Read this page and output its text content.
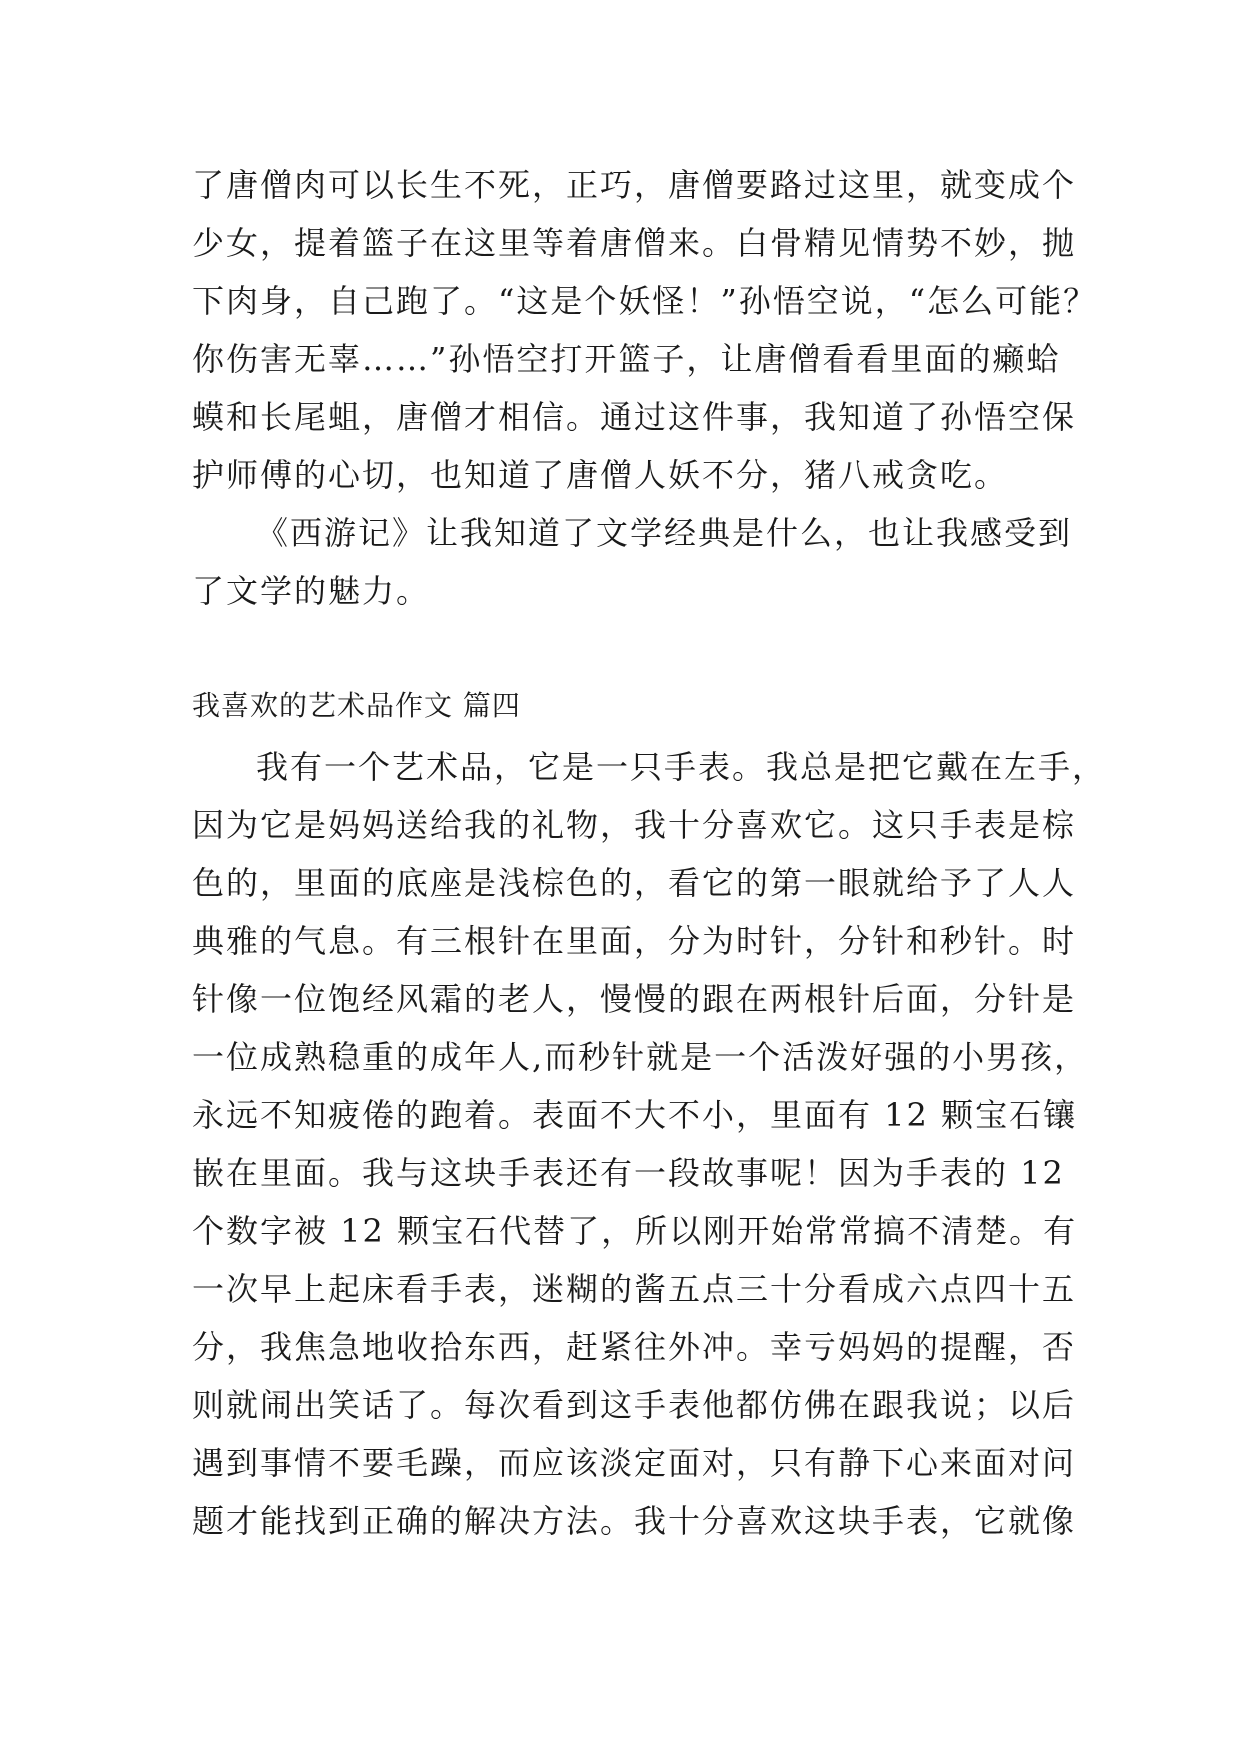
了唐僧肉可以长生不死，正巧，唐僧要路过这里，就变成个
少女，提着篮子在这里等着唐僧来。白骨精见情势不妙，抛
下肉身，自己跑了。“这是个妖怪！”孙悟空说，“怎么可能？
你伤害无辜……”孙悟空打开篮子，让唐僧看看里面的癞蛤
蟆和长尾蛆，唐僧才相信。通过这件事，我知道了孙悟空保
护师傅的心切，也知道了唐僧人妖不分，猪八戒贪吃。
《西游记》让我知道了文学经典是什么，也让我感受到
了文学的魅力。
我喜欢的艺术品作文 篇四
我有一个艺术品，它是一只手表。我总是把它戴在左手，
因为它是妈妈送给我的礼物，我十分喜欢它。这只手表是棕
色的，里面的底座是浅棕色的，看它的第一眼就给予了人人
典雅的气息。有三根针在里面，分为时针，分针和秒针。时
针像一位饱经风霜的老人，慢慢的跟在两根针后面，分针是
一位成熟稳重的成年人,而秒针就是一个活泼好强的小男孩，
永远不知疲倦的跑着。表面不大不小，里面有 12 颗宝石镶
嵌在里面。我与这块手表还有一段故事呢！因为手表的 12
个数字被 12 颗宝石代替了，所以刚开始常常搞不清楚。有
一次早上起床看手表，迷糊的酱五点三十分看成六点四十五
分，我焦急地收拾东西，赶紧往外冲。幸亏妈妈的提醒，否
则就闹出笑话了。每次看到这手表他都仿佛在跟我说；以后
遇到事情不要毛躁，而应该淡定面对，只有静下心来面对问
题才能找到正确的解决方法。我十分喜欢这块手表，它就像
